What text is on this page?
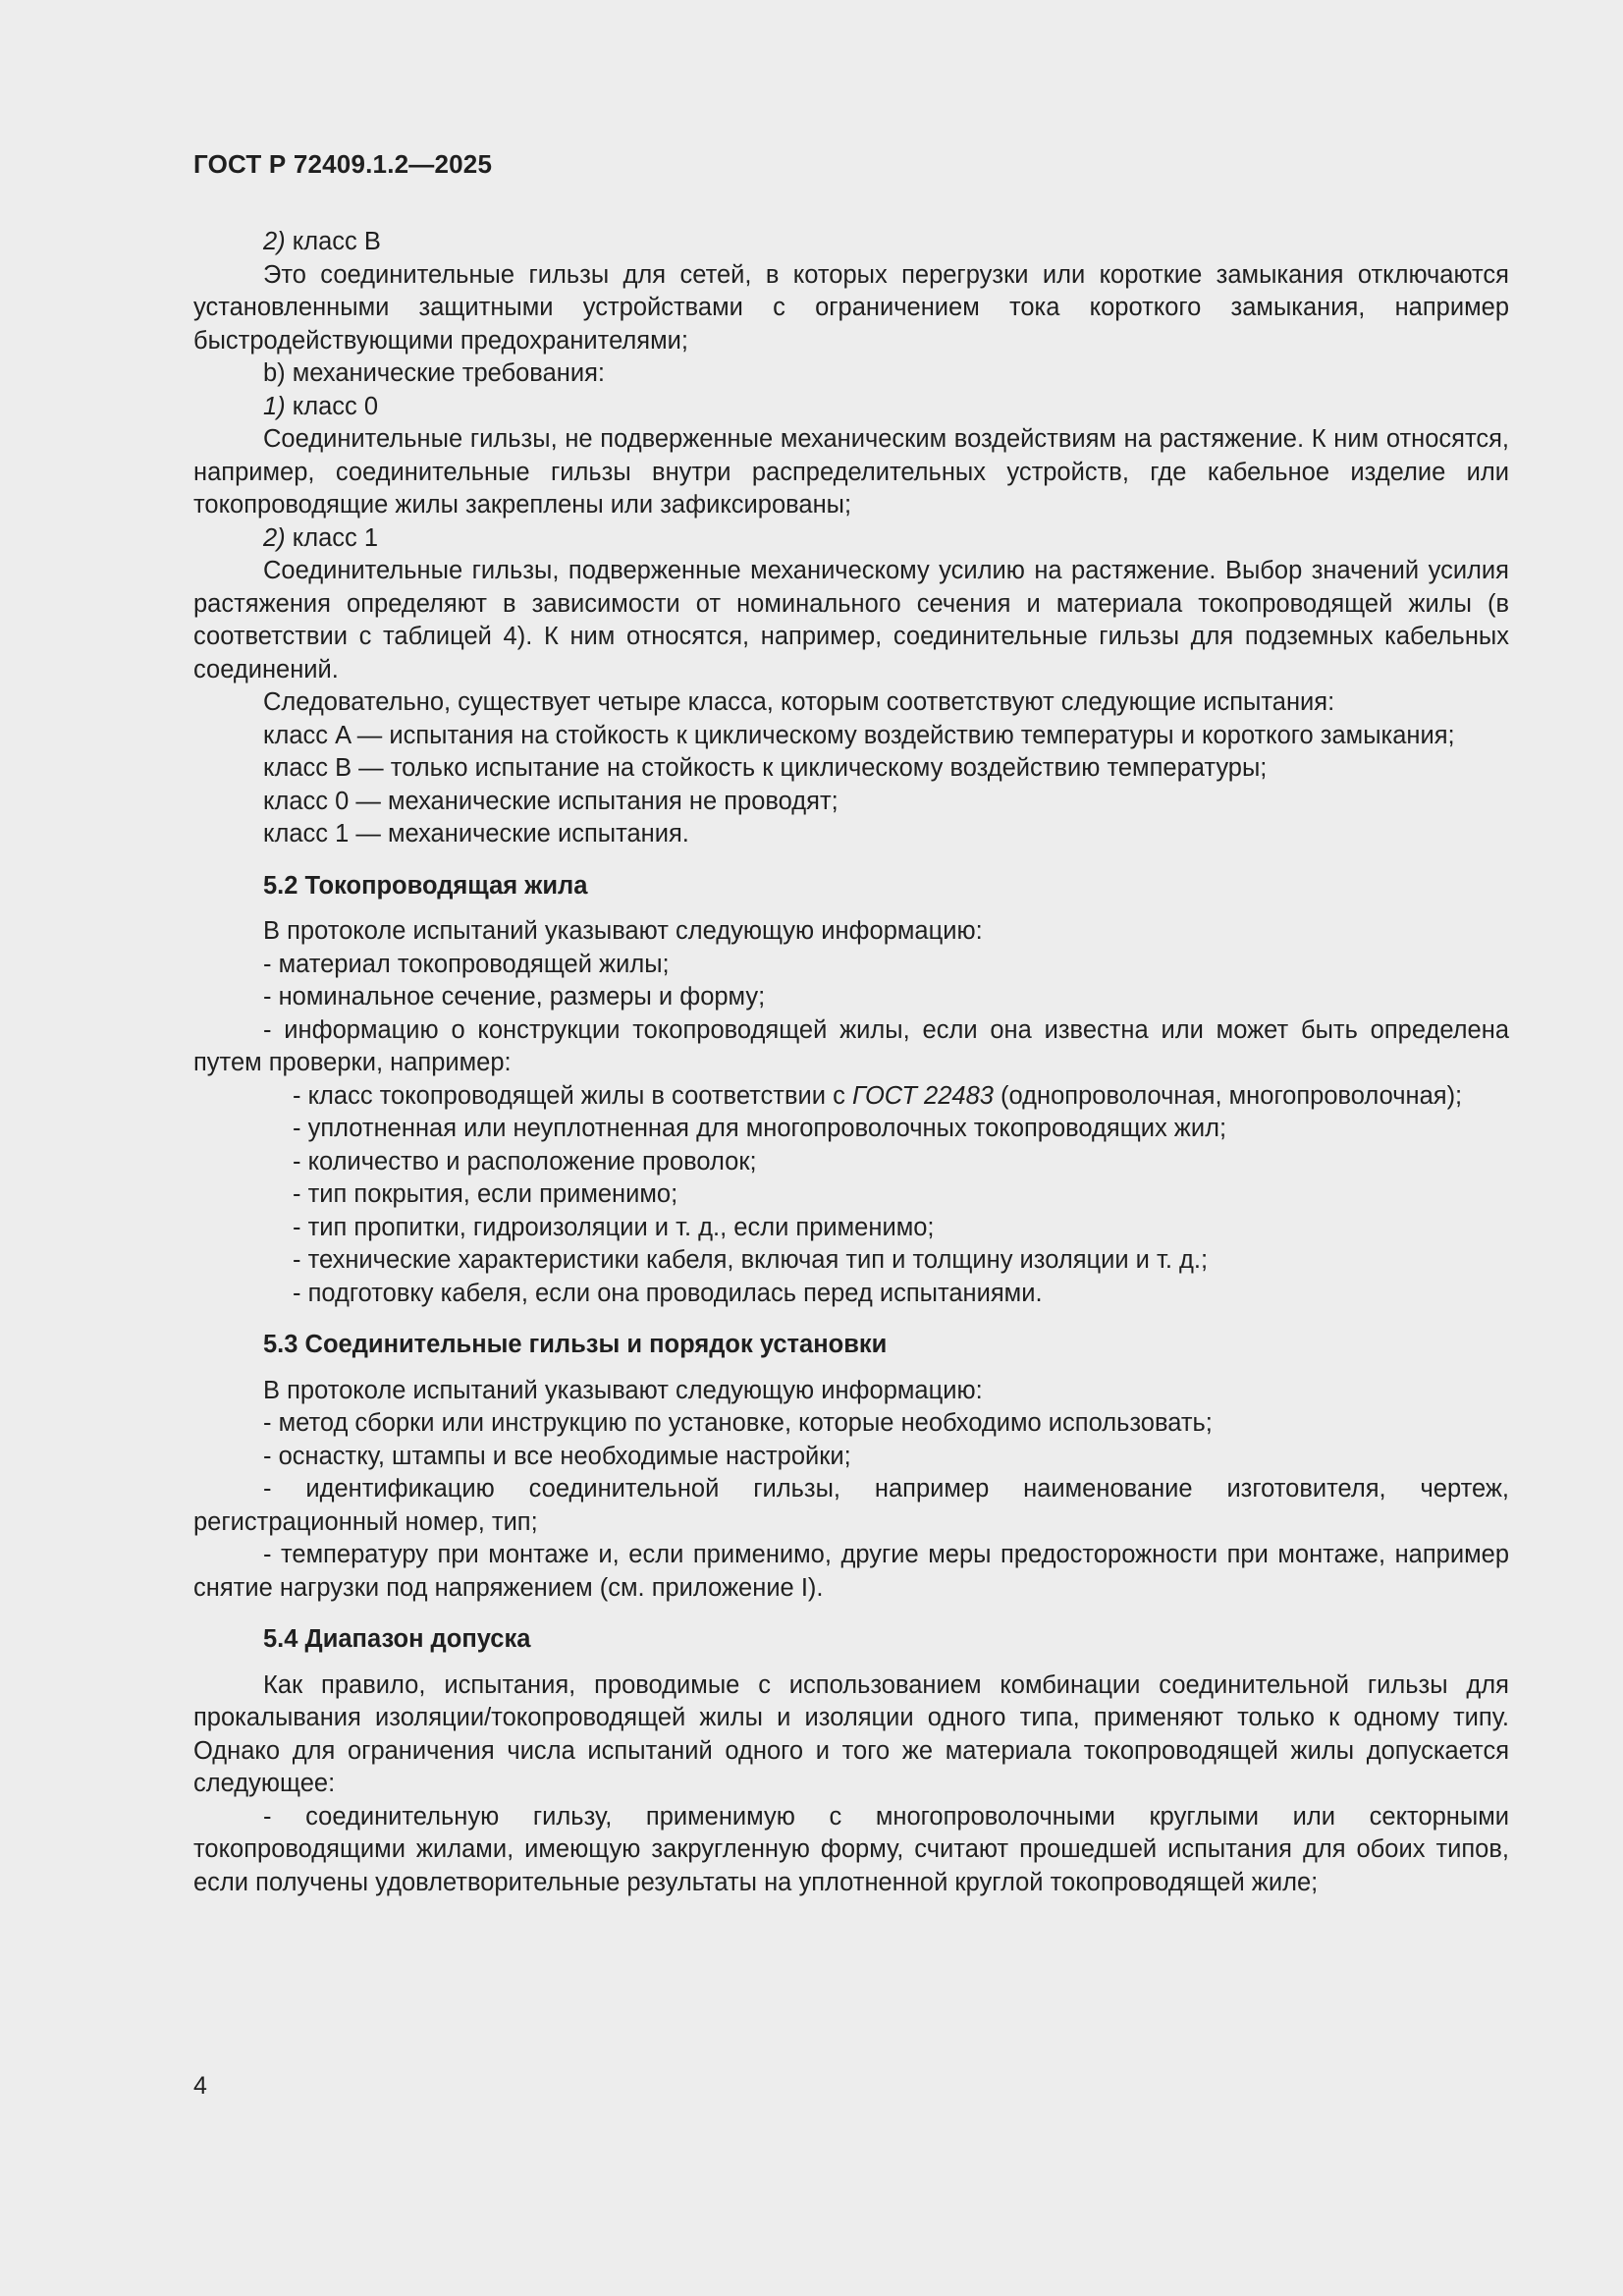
ГОСТ Р 72409.1.2—2025

2) класс B

Это соединительные гильзы для сетей, в которых перегрузки или короткие замыкания отключаются установленными защитными устройствами с ограничением тока короткого замыкания, например быстродействующими предохранителями;

b) механические требования:

1) класс 0

Соединительные гильзы, не подверженные механическим воздействиям на растяжение. К ним относятся, например, соединительные гильзы внутри распределительных устройств, где кабельное изделие или токопроводящие жилы закреплены или зафиксированы;

2) класс 1

Соединительные гильзы, подверженные механическому усилию на растяжение. Выбор значений усилия растяжения определяют в зависимости от номинального сечения и материала токопроводящей жилы (в соответствии с таблицей 4). К ним относятся, например, соединительные гильзы для подземных кабельных соединений.

Следовательно, существует четыре класса, которым соответствуют следующие испытания:

класс A — испытания на стойкость к циклическому воздействию температуры и короткого замыкания;

класс B — только испытание на стойкость к циклическому воздействию температуры;

класс 0 — механические испытания не проводят;

класс 1 — механические испытания.

5.2 Токопроводящая жила

В протоколе испытаний указывают следующую информацию:

- материал токопроводящей жилы;

- номинальное сечение, размеры и форму;

- информацию о конструкции токопроводящей жилы, если она известна или может быть определена путем проверки, например:

- класс токопроводящей жилы в соответствии с ГОСТ 22483 (однопроволочная, многопроволочная);

- уплотненная или неуплотненная для многопроволочных токопроводящих жил;

- количество и расположение проволок;

- тип покрытия, если применимо;

- тип пропитки, гидроизоляции и т. д., если применимо;

- технические характеристики кабеля, включая тип и толщину изоляции и т. д.;

- подготовку кабеля, если она проводилась перед испытаниями.

5.3 Соединительные гильзы и порядок установки

В протоколе испытаний указывают следующую информацию:

- метод сборки или инструкцию по установке, которые необходимо использовать;

- оснастку, штампы и все необходимые настройки;

- идентификацию соединительной гильзы, например наименование изготовителя, чертеж, регистрационный номер, тип;

- температуру при монтаже и, если применимо, другие меры предосторожности при монтаже, например снятие нагрузки под напряжением (см. приложение I).

5.4 Диапазон допуска

Как правило, испытания, проводимые с использованием комбинации соединительной гильзы для прокалывания изоляции/токопроводящей жилы и изоляции одного типа, применяют только к одному типу. Однако для ограничения числа испытаний одного и того же материала токопроводящей жилы допускается следующее:

- соединительную гильзу, применимую с многопроволочными круглыми или секторными токопроводящими жилами, имеющую закругленную форму, считают прошедшей испытания для обоих типов, если получены удовлетворительные результаты на уплотненной круглой токопроводящей жиле;

4
